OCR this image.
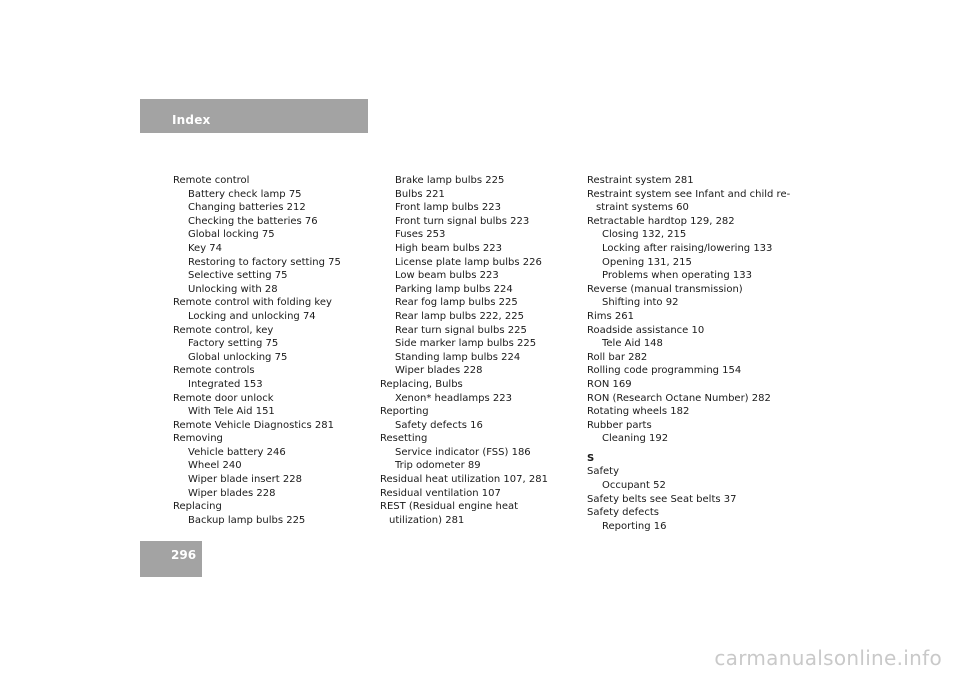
Index
296
Remote control
Battery check lamp 75
Changing batteries 212
Checking the batteries 76
Global locking 75
Key 74
Restoring to factory setting 75
Selective setting 75
Unlocking with 28
Remote control with folding key
Locking and unlocking 74
Remote control, key
Factory setting 75
Global unlocking 75
Remote controls
Integrated 153
Remote door unlock
With Tele Aid 151
Remote Vehicle Diagnostics 281
Removing
Vehicle battery 246
Wheel 240
Wiper blade insert 228
Wiper blades 228
Replacing
Backup lamp bulbs 225
Brake lamp bulbs 225
Bulbs 221
Front lamp bulbs 223
Front turn signal bulbs 223
Fuses 253
High beam bulbs 223
License plate lamp bulbs 226
Low beam bulbs 223
Parking lamp bulbs 224
Rear fog lamp bulbs 225
Rear lamp bulbs 222, 225
Rear turn signal bulbs 225
Side marker lamp bulbs 225
Standing lamp bulbs 224
Wiper blades 228
Replacing, Bulbs
Xenon* headlamps 223
Reporting
Safety defects 16
Resetting
Service indicator (FSS) 186
Trip odometer 89
Residual heat utilization 107, 281
Residual ventilation 107
REST (Residual engine heat
utilization) 281
Restraint system 281
Restraint system see Infant and child re-
straint systems 60
Retractable hardtop 129, 282
Closing 132, 215
Locking after raising/lowering 133
Opening 131, 215
Problems when operating 133
Reverse (manual transmission)
Shifting into 92
Rims 261
Roadside assistance 10
Tele Aid 148
Roll bar 282
Rolling code programming 154
RON 169
RON (Research Octane Number) 282
Rotating wheels 182
Rubber parts
Cleaning 192
S
Safety
Occupant 52
Safety belts see Seat belts 37
Safety defects
Reporting 16
carmanualsonline.info
